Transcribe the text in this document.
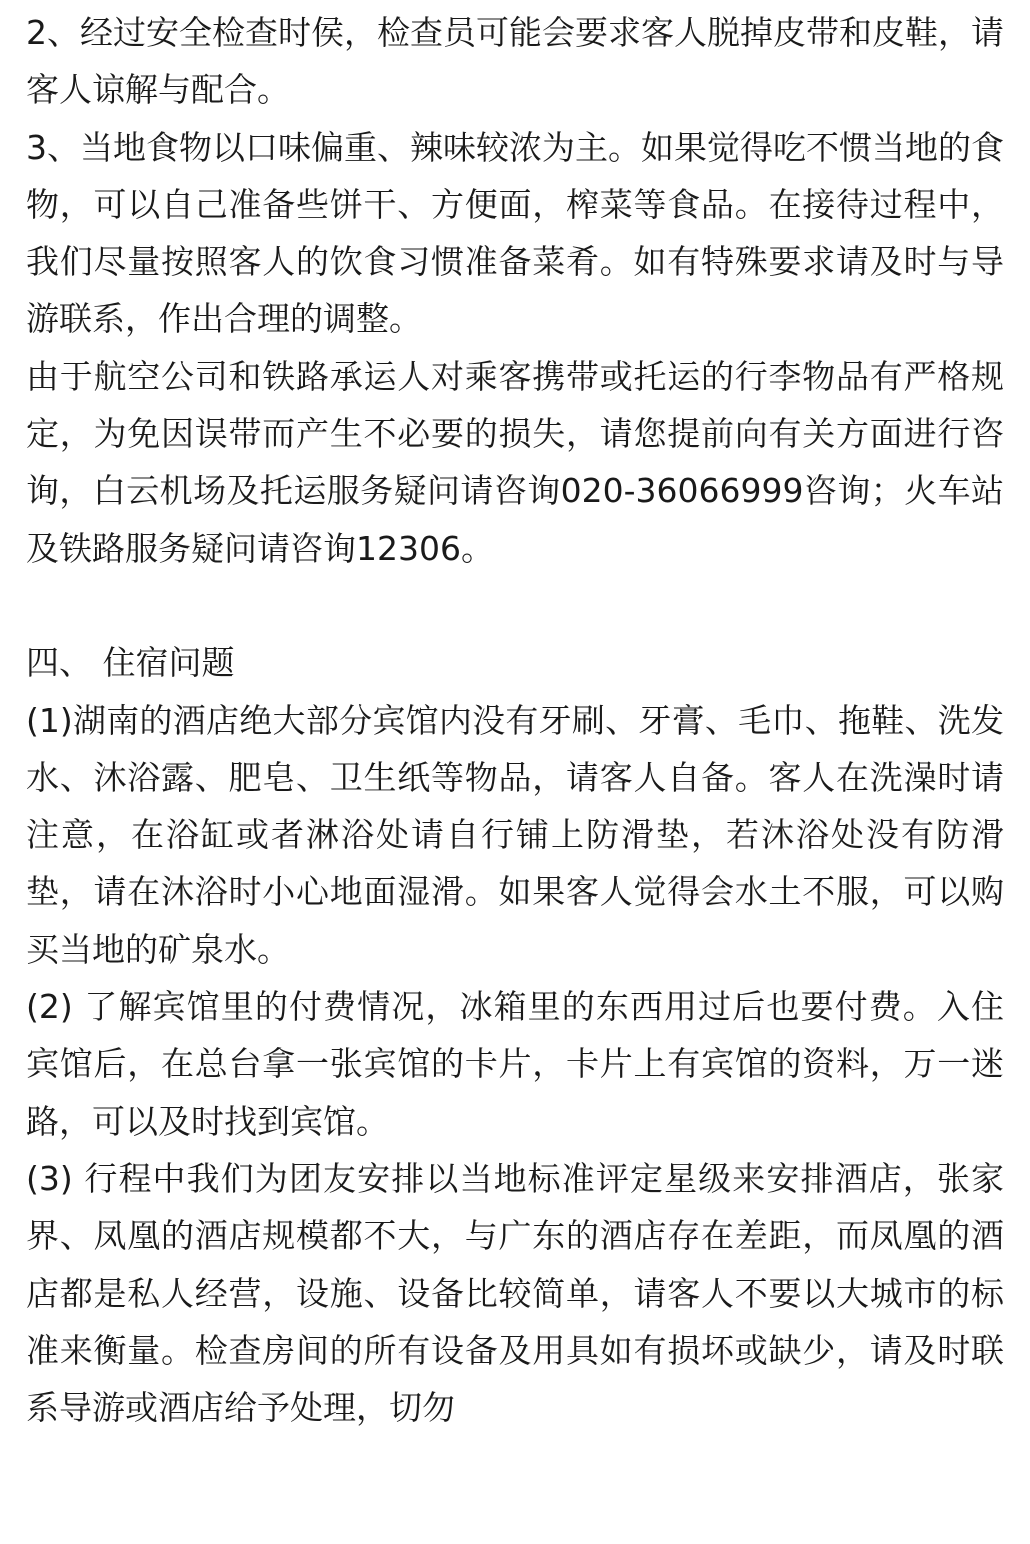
2、经过安全检查时侯，检查员可能会要求客人脱掉皮带和皮鞋，请客人谅解与配合。

3、当地食物以口味偏重、辣味较浓为主。如果觉得吃不惯当地的食物，可以自己准备些饼干、方便面，榨菜等食品。在接待过程中，我们尽量按照客人的饮食习惯准备菜肴。如有特殊要求请及时与导游联系，作出合理的调整。

由于航空公司和铁路承运人对乘客携带或托运的行李物品有严格规定，为免因误带而产生不必要的损失，请您提前向有关方面进行咨询，白云机场及托运服务疑问请咨询020-36066999咨询；火车站及铁路服务疑问请咨询12306。

四、 住宿问题

(1)湖南的酒店绝大部分宾馆内没有牙刷、牙膏、毛巾、拖鞋、洗发水、沐浴露、肥皂、卫生纸等物品，请客人自备。客人在洗澡时请注意，在浴缸或者淋浴处请自行铺上防滑垫，若沐浴处没有防滑垫，请在沐浴时小心地面湿滑。如果客人觉得会水土不服，可以购买当地的矿泉水。

(2) 了解宾馆里的付费情况，冰箱里的东西用过后也要付费。入住宾馆后，在总台拿一张宾馆的卡片，卡片上有宾馆的资料，万一迷路，可以及时找到宾馆。

(3) 行程中我们为团友安排以当地标准评定星级来安排酒店，张家界、凤凰的酒店规模都不大，与广东的酒店存在差距，而凤凰的酒店都是私人经营，设施、设备比较简单，请客人不要以大城市的标准来衡量。检查房间的所有设备及用具如有损坏或缺少，请及时联系导游或酒店给予处理，切勿
